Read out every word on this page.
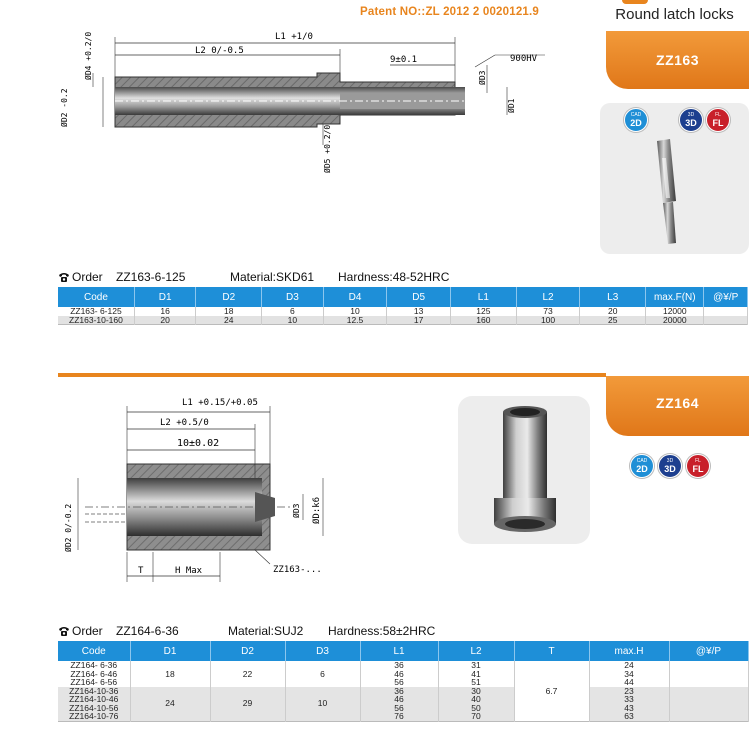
Patent NO::ZL 2012 2 0020121.9	Round latch locks
ZZ163
CAD
2D
3D
3D
FL
FL
L1 +1/0
L2 0/-0.5
9±0.1	900HV
ØD4 +0.2/0
ØD2 -0.2
ØD3
ØD1
ØD5 +0.2/0
Order ZZ163-6-125	Material:SKD61 Hardness:48-52HRC
Code	D1	D2	D3	D4	D5	L1	L2	L3	max.F(N)	@¥/P
ZZ163- 6-125	16	18	6	10	13	125	73	20	12000	
ZZ163-10-160	20	24	10	12.5	17	160	100	25	20000	
ZZ164
CAD
2D
3D
3D
FL
FL
L1 +0.15/+0.05
L2 +0.5/0
10±0.02
ØD2 0/-0.2	ØD3 ØD:k6
T	H Max	ZZ163-...
Order ZZ164-6-36	Material:SUJ2 Hardness:58±2HRC
Code	D1	D2	D3	L1	L2	T	max.H	@¥/P
ZZ164- 6-36	18	22	6	36	31	6.7	24	
ZZ164- 6-46				46	41		34	
ZZ164- 6-56				56	51		44	
ZZ164-10-36	24	29	10	36	30		23	
ZZ164-10-46				46	40		33	
ZZ164-10-56				56	50		43	
ZZ164-10-76				76	70		63	
